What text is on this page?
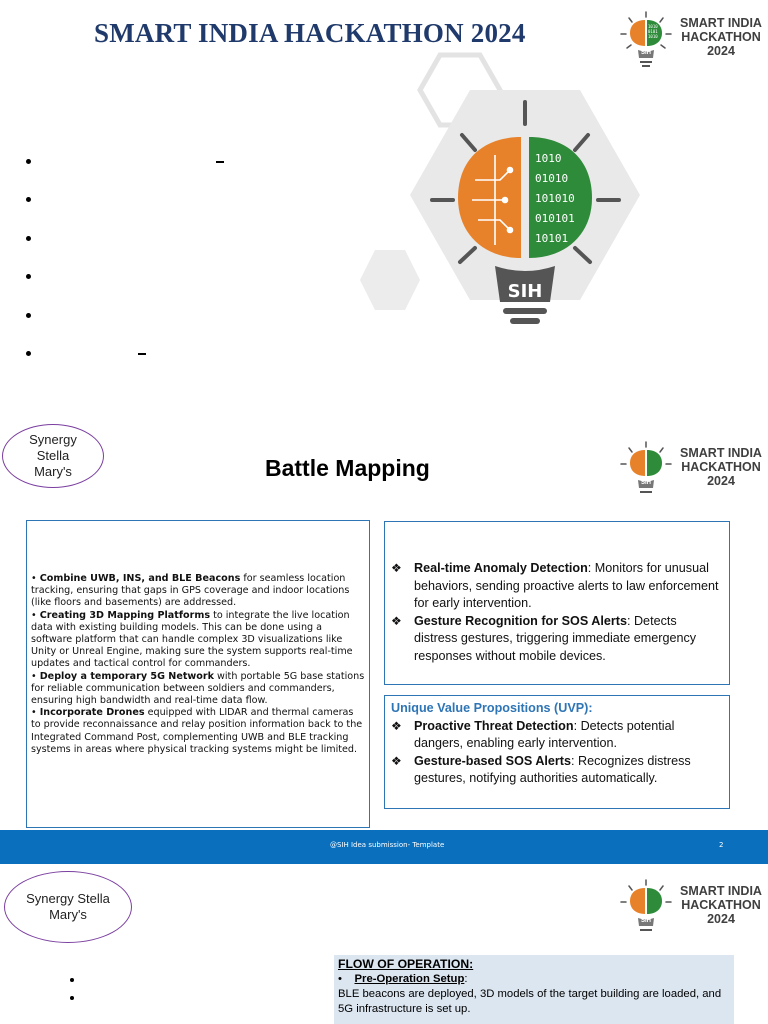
SMART INDIA HACKATHON 2024	1010
0101
1010
SIH
SMART INDIA
HACKATHON
2024
1010
01010
101010
010101
10101
SIH
Synergy Stella Mary's	Battle Mapping
SIH
SMART INDIA
HACKATHON
2024
• Combine UWB, INS, and BLE Beacons for seamless location tracking, ensuring that gaps in GPS coverage and indoor locations (like floors and basements) are addressed.
• Creating 3D Mapping Platforms to integrate the live location data with existing building models. This can be done using a software platform that can handle complex 3D visualizations like Unity or Unreal Engine, making sure the system supports real-time updates and tactical control for commanders.
• Deploy a temporary 5G Network with portable 5G base stations for reliable communication between soldiers and commanders, ensuring high bandwidth and real-time data flow.
• Incorporate Drones equipped with LIDAR and thermal cameras to provide reconnaissance and relay position information back to the Integrated Command Post, complementing UWB and BLE tracking systems in areas where physical tracking systems might be limited.
❖ Real-time Anomaly Detection: Monitors for unusual behaviors, sending proactive alerts to law enforcement for early intervention.
❖ Gesture Recognition for SOS Alerts: Detects distress gestures, triggering immediate emergency responses without mobile devices.
Unique Value Propositions (UVP):
❖ Proactive Threat Detection: Detects potential dangers, enabling early intervention.
❖ Gesture-based SOS Alerts: Recognizes distress gestures, notifying authorities automatically.
@SIH Idea submission- Template	2
Synergy Stella Mary's	SIH
SMART INDIA
HACKATHON
2024
FLOW OF OPERATION:
•    Pre-Operation Setup:
BLE beacons are deployed, 3D models of the target building are loaded, and 5G infrastructure is set up.
